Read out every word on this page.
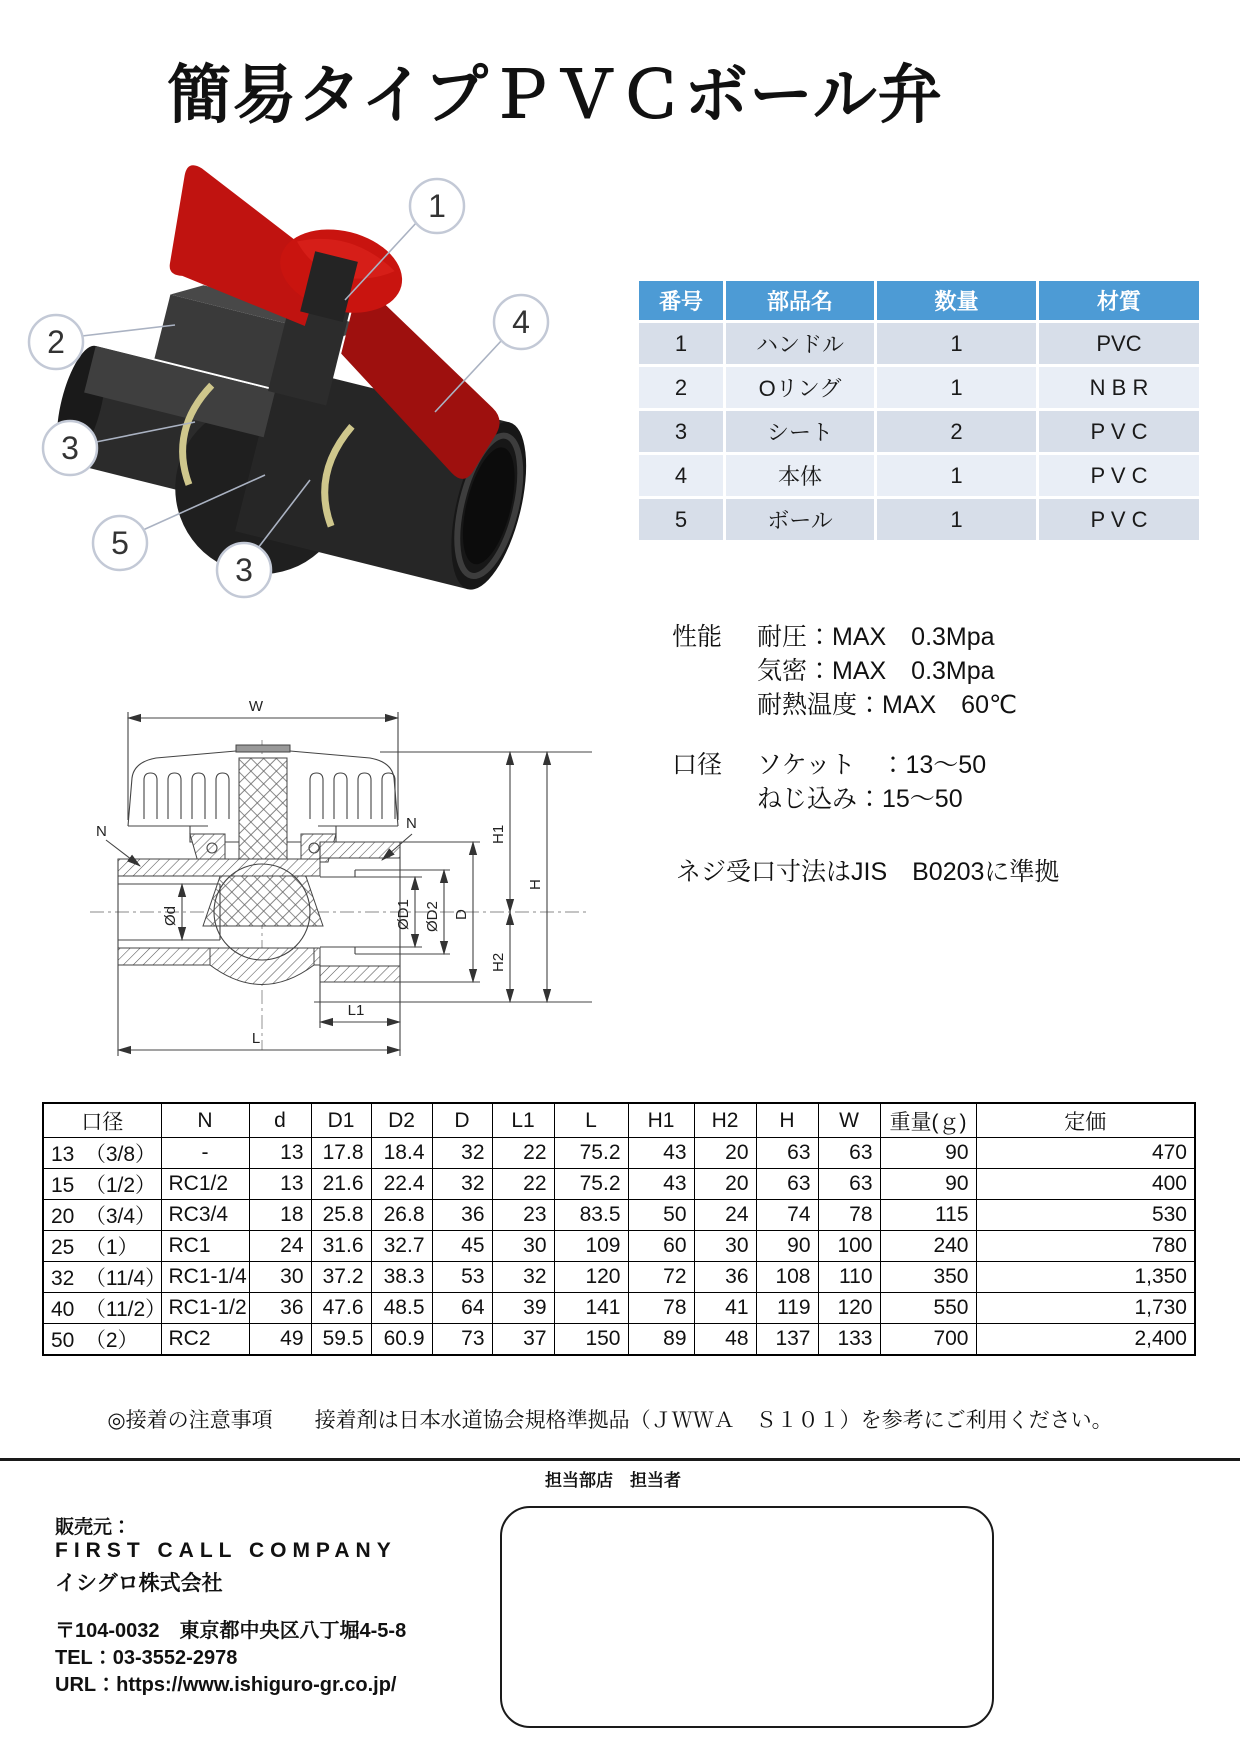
簡易タイプＰＶＣボール弁
1
2
3
4
5
3
番号	部品名	数量	材質
1	ハンドル	1	PVC
2	Oリング	1	N B R
3	シート	2	P V C
4	本体	1	P V C
5	ボール	1	P V C
W
H1
H2
H
D
ØD1 ØD2
Ød
L1
L
N	N
性能 耐圧：MAX　0.3Mpa
気密：MAX　0.3Mpa
耐熱温度：MAX　60℃
口径 ソケット　：13～50
ねじ込み：15～50
ネジ受口寸法はJIS　B0203に準拠
口径	N	d	D1	D2	D	L1	L	H1	H2	H	W	重量(ｇ)	定価
13　（3/8）	-	13	17.8	18.4	32	22	75.2	43	20	63	63	90	470
15　（1/2）	RC1/2	13	21.6	22.4	32	22	75.2	43	20	63	63	90	400
20　（3/4）	RC3/4	18	25.8	26.8	36	23	83.5	50	24	74	78	115	530
25　（1）	RC1	24	31.6	32.7	45	30	109	60	30	90	100	240	780
32　（11/4）	RC1-1/4	30	37.2	38.3	53	32	120	72	36	108	110	350	1,350
40　（11/2）	RC1-1/2	36	47.6	48.5	64	39	141	78	41	119	120	550	1,730
50　（2）	RC2	49	59.5	60.9	73	37	150	89	48	137	133	700	2,400
◎接着の注意事項　　接着剤は日本水道協会規格準拠品（ＪＷＷＡ　Ｓ１０１）を参考にご利用ください。
担当部店　担当者
販売元：
FIRST CALL COMPANY
イシグロ株式会社
〒104-0032　東京都中央区八丁堀4-5-8
TEL：03-3552-2978
URL：https://www.ishiguro-gr.co.jp/
